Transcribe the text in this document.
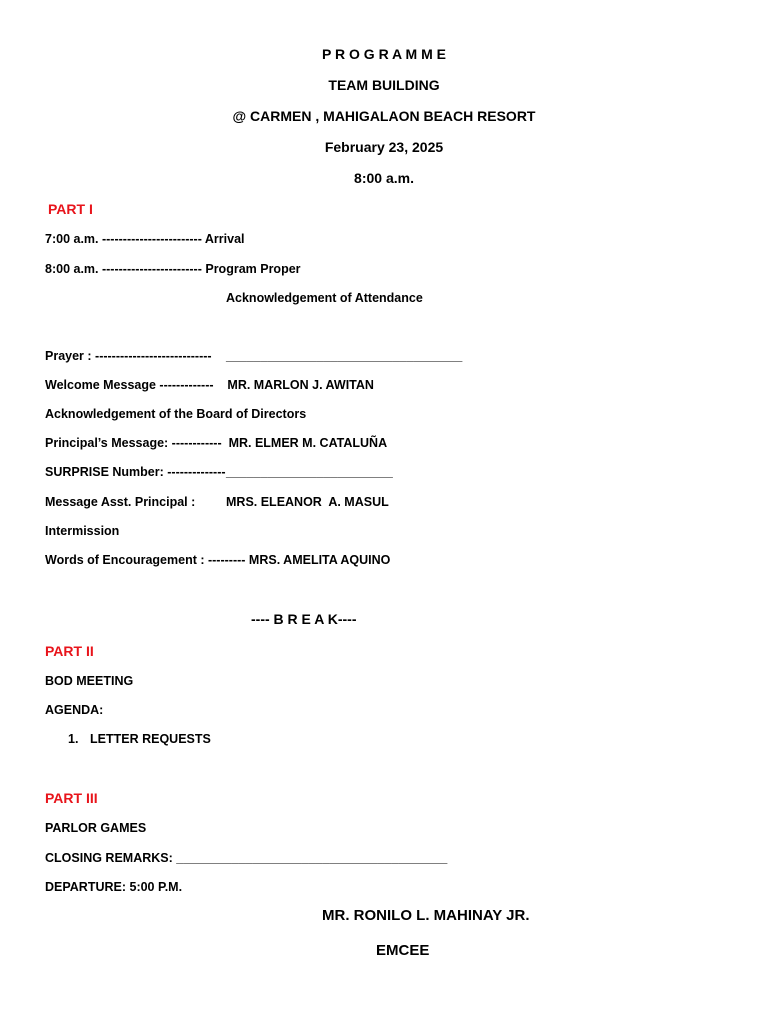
P R O G R A M M E
TEAM BUILDING
@ CARMEN , MAHIGALAON BEACH RESORT
February 23, 2025
8:00 a.m.
PART I
7:00 a.m. ------------------------ Arrival
8:00 a.m. ------------------------ Program Proper
Acknowledgement of Attendance
Prayer : ---------------------------- __________________________________
Welcome Message -------------    MR. MARLON J. AWITAN
Acknowledgement of the Board of Directors
Principal’s Message: ------------  MR. ELMER M. CATALUÑA
SURPRISE Number: -------------- ________________________
Message Asst. Principal : MRS. ELEANOR  A. MASUL
Intermission
Words of Encouragement : --------- MRS. AMELITA AQUINO
---- B R E A K----
PART II
BOD MEETING
AGENDA:
1. LETTER REQUESTS
PART III
PARLOR GAMES
CLOSING REMARKS: _______________________________________
DEPARTURE: 5:00 P.M.
MR. RONILO L. MAHINAY JR.
EMCEE
